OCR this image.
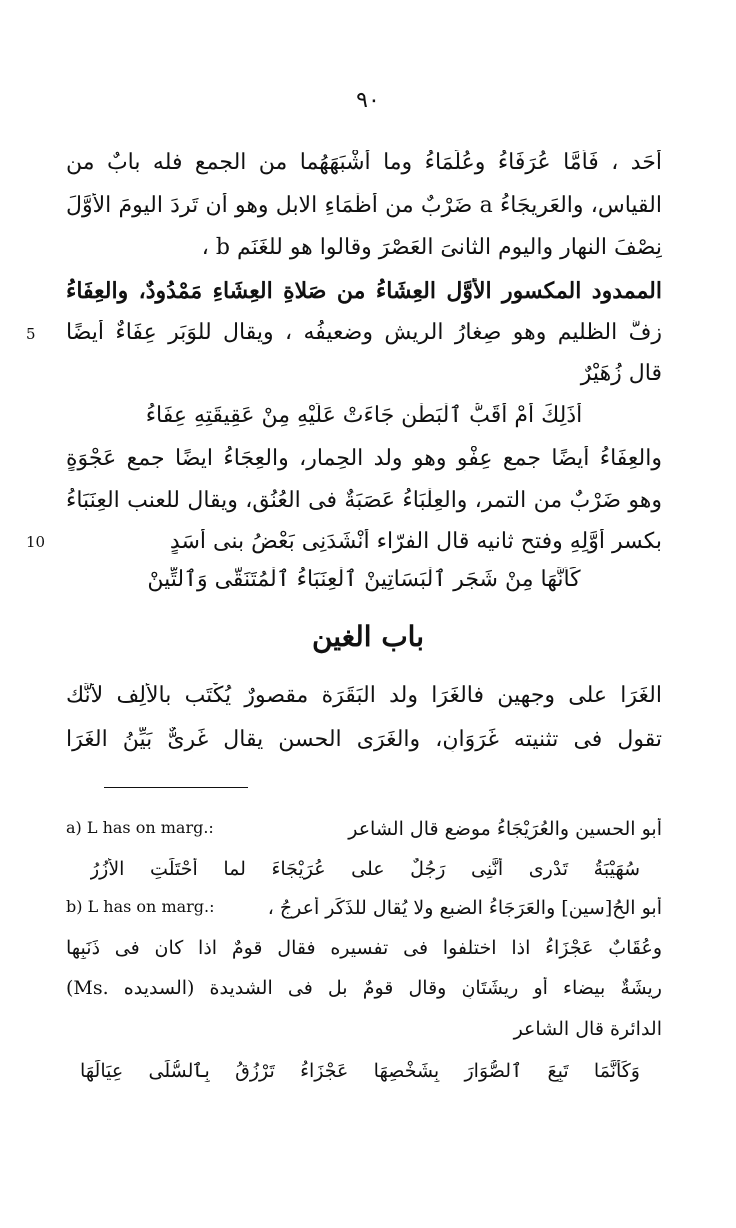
٩٠
أَحَد ، فَأَمَّا عُرَفَاءُ وعُلَمَاءُ وما أَشْبَهَهُما من الجمع فله بابٌ من
القياس، والعَرِيجَاءُ a ضَرْبٌ من أَظْمَاءِ الابل وهو أن تَرِدَ اليومَ الأَوَّلَ
نِصْفَ النهار واليوم الثانىَ العَصْرَ وقالوا هو للغَنَمِ b ،
الممدود المكسور الأَوَّل العِشَاءُ من صَلاةِ العِشَاءِ مَمْدُودٌ، والعِفَاءُ
زِفُّ الظليم وهو صِغارُ الرِيش وضعيفُه ، ويقال للوَبَر عِفَاءٌ أيضًا
5
قال زُهَيْرٌ
أَذَلِكَ أَمْ أَقَبُّ ٱلْبَطْنِ جَاءَتْ عَلَيْهِ مِنْ عَقِيقَتِهِ عِفَاءُ
والعِفَاءُ أيضًا جمع عِفْوٍ وهو ولد الحِمار، والعِجَاءُ ايضًا جمع عَجْوَةٍ
وهو ضَرْبٌ من التمر، والعِلْبَاءُ عَصَبَةٌ فى العُنُق، ويقال للعنب العِنَبَاءُ
بكسر أَوَّلِهِ وفتح ثانيه قال الفرّاء أَنْشَدَنِى بَعْضُ بنى أَسَدٍ
10
كَأَنَّهَا مِنْ شَجَرِ ٱلْبَسَاتِينْ ٱلْعِنَبَاءُ ٱلْمُتَنَقَّى وَٱلتِّينْ
باب الغين
الغَرَا على وجهين فالغَرَا ولد البَقَرَة مقصورٌ يُكْتَب بالأَلِف لأَنَّك
تقول فى تثنيته غَرَوَانِ، والغَرَى الحسن يقال غَرِىٌّ بَيِّنُ الغَرَا
a) L has on marg.:	أبو الحسين والعُرَيْجَاءُ موضع قال الشاعر
سُهَيْبَةُ تَدْرِى أَنَّنِى رَجُلٌ على عُرَيْجَاءَ لما أُحْتَلَتِ الأُزُرُ
b) L has on marg.:	أبو الحُ[سين] والعَرَجَاءُ الضبع ولا يُقال للذَكَر أعرجُ ،
وعُقَابٌ عَجْزَاءُ اذا اختلفوا فى تفسيره فقال قومٌ اذا كان فى ذَنَبِها
رِيشَةٌ بيضاء أو رِيشَتَانِ وقال قومٌ بل فى الشديدة (السديده .Ms)
الدائرة قال الشاعر
وَكَأَنَّمَا تَبِعَ ٱلصُّوَارَ بِشَخْصِهَا عَجْزَاءُ تَرْزُقُ بِٱلسُّلَى عِيَالَهَا
